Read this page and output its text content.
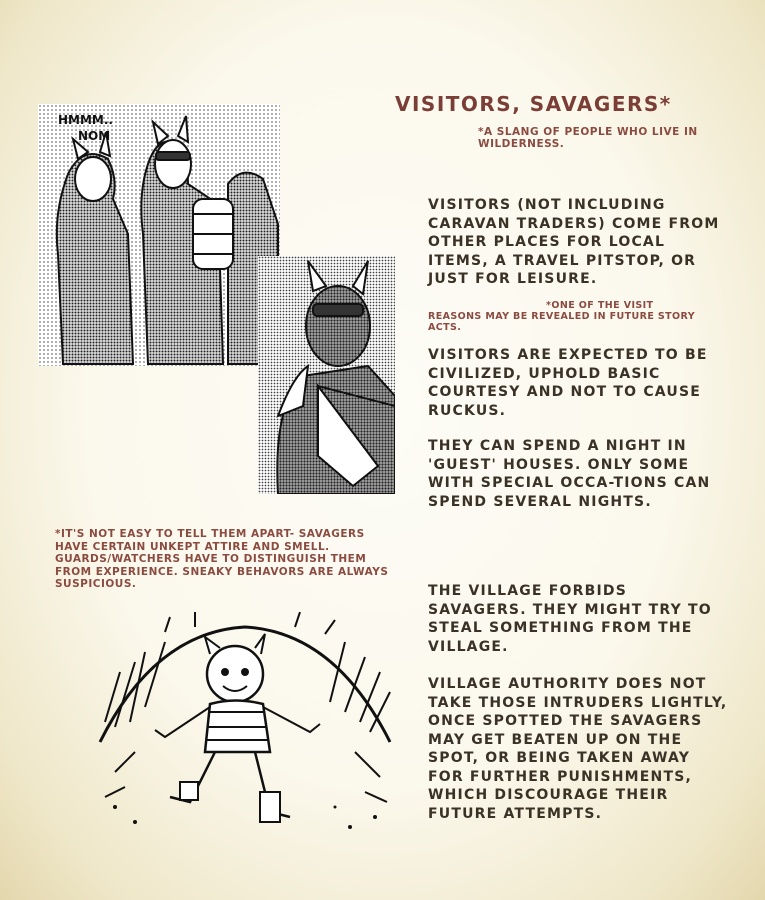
VISITORS, SAVAGERS*
*A SLANG OF PEOPLE WHO LIVE IN WILDERNESS.
VISITORS (NOT INCLUDING CARAVAN TRADERS) COME FROM OTHER PLACES FOR LOCAL ITEMS, A TRAVEL PITSTOP, OR JUST FOR LEISURE.
*ONE OF THE VISIT REASONS MAY BE REVEALED IN FUTURE STORY ACTS.
VISITORS ARE EXPECTED TO BE CIVILIZED, UPHOLD BASIC COURTESY AND NOT TO CAUSE RUCKUS.
THEY CAN SPEND A NIGHT IN 'GUEST' HOUSES. ONLY SOME WITH SPECIAL OCCA-TIONS CAN SPEND SEVERAL NIGHTS.
THE VILLAGE FORBIDS SAVAGERS. THEY MIGHT TRY TO STEAL SOMETHING FROM THE VILLAGE.
VILLAGE AUTHORITY DOES NOT TAKE THOSE INTRUDERS LIGHTLY, ONCE SPOTTED THE SAVAGERS MAY GET BEATEN UP ON THE SPOT, OR BEING TAKEN AWAY FOR FURTHER PUNISHMENTS, WHICH DISCOURAGE THEIR FUTURE ATTEMPTS.
*IT'S NOT EASY TO TELL THEM APART- SAVAGERS HAVE CERTAIN UNKEPT ATTIRE AND SMELL. GUARDS/WATCHERS HAVE TO DISTINGUISH THEM FROM EXPERIENCE. SNEAKY BEHAVORS ARE ALWAYS SUSPICIOUS.
HMMM..
NOM
